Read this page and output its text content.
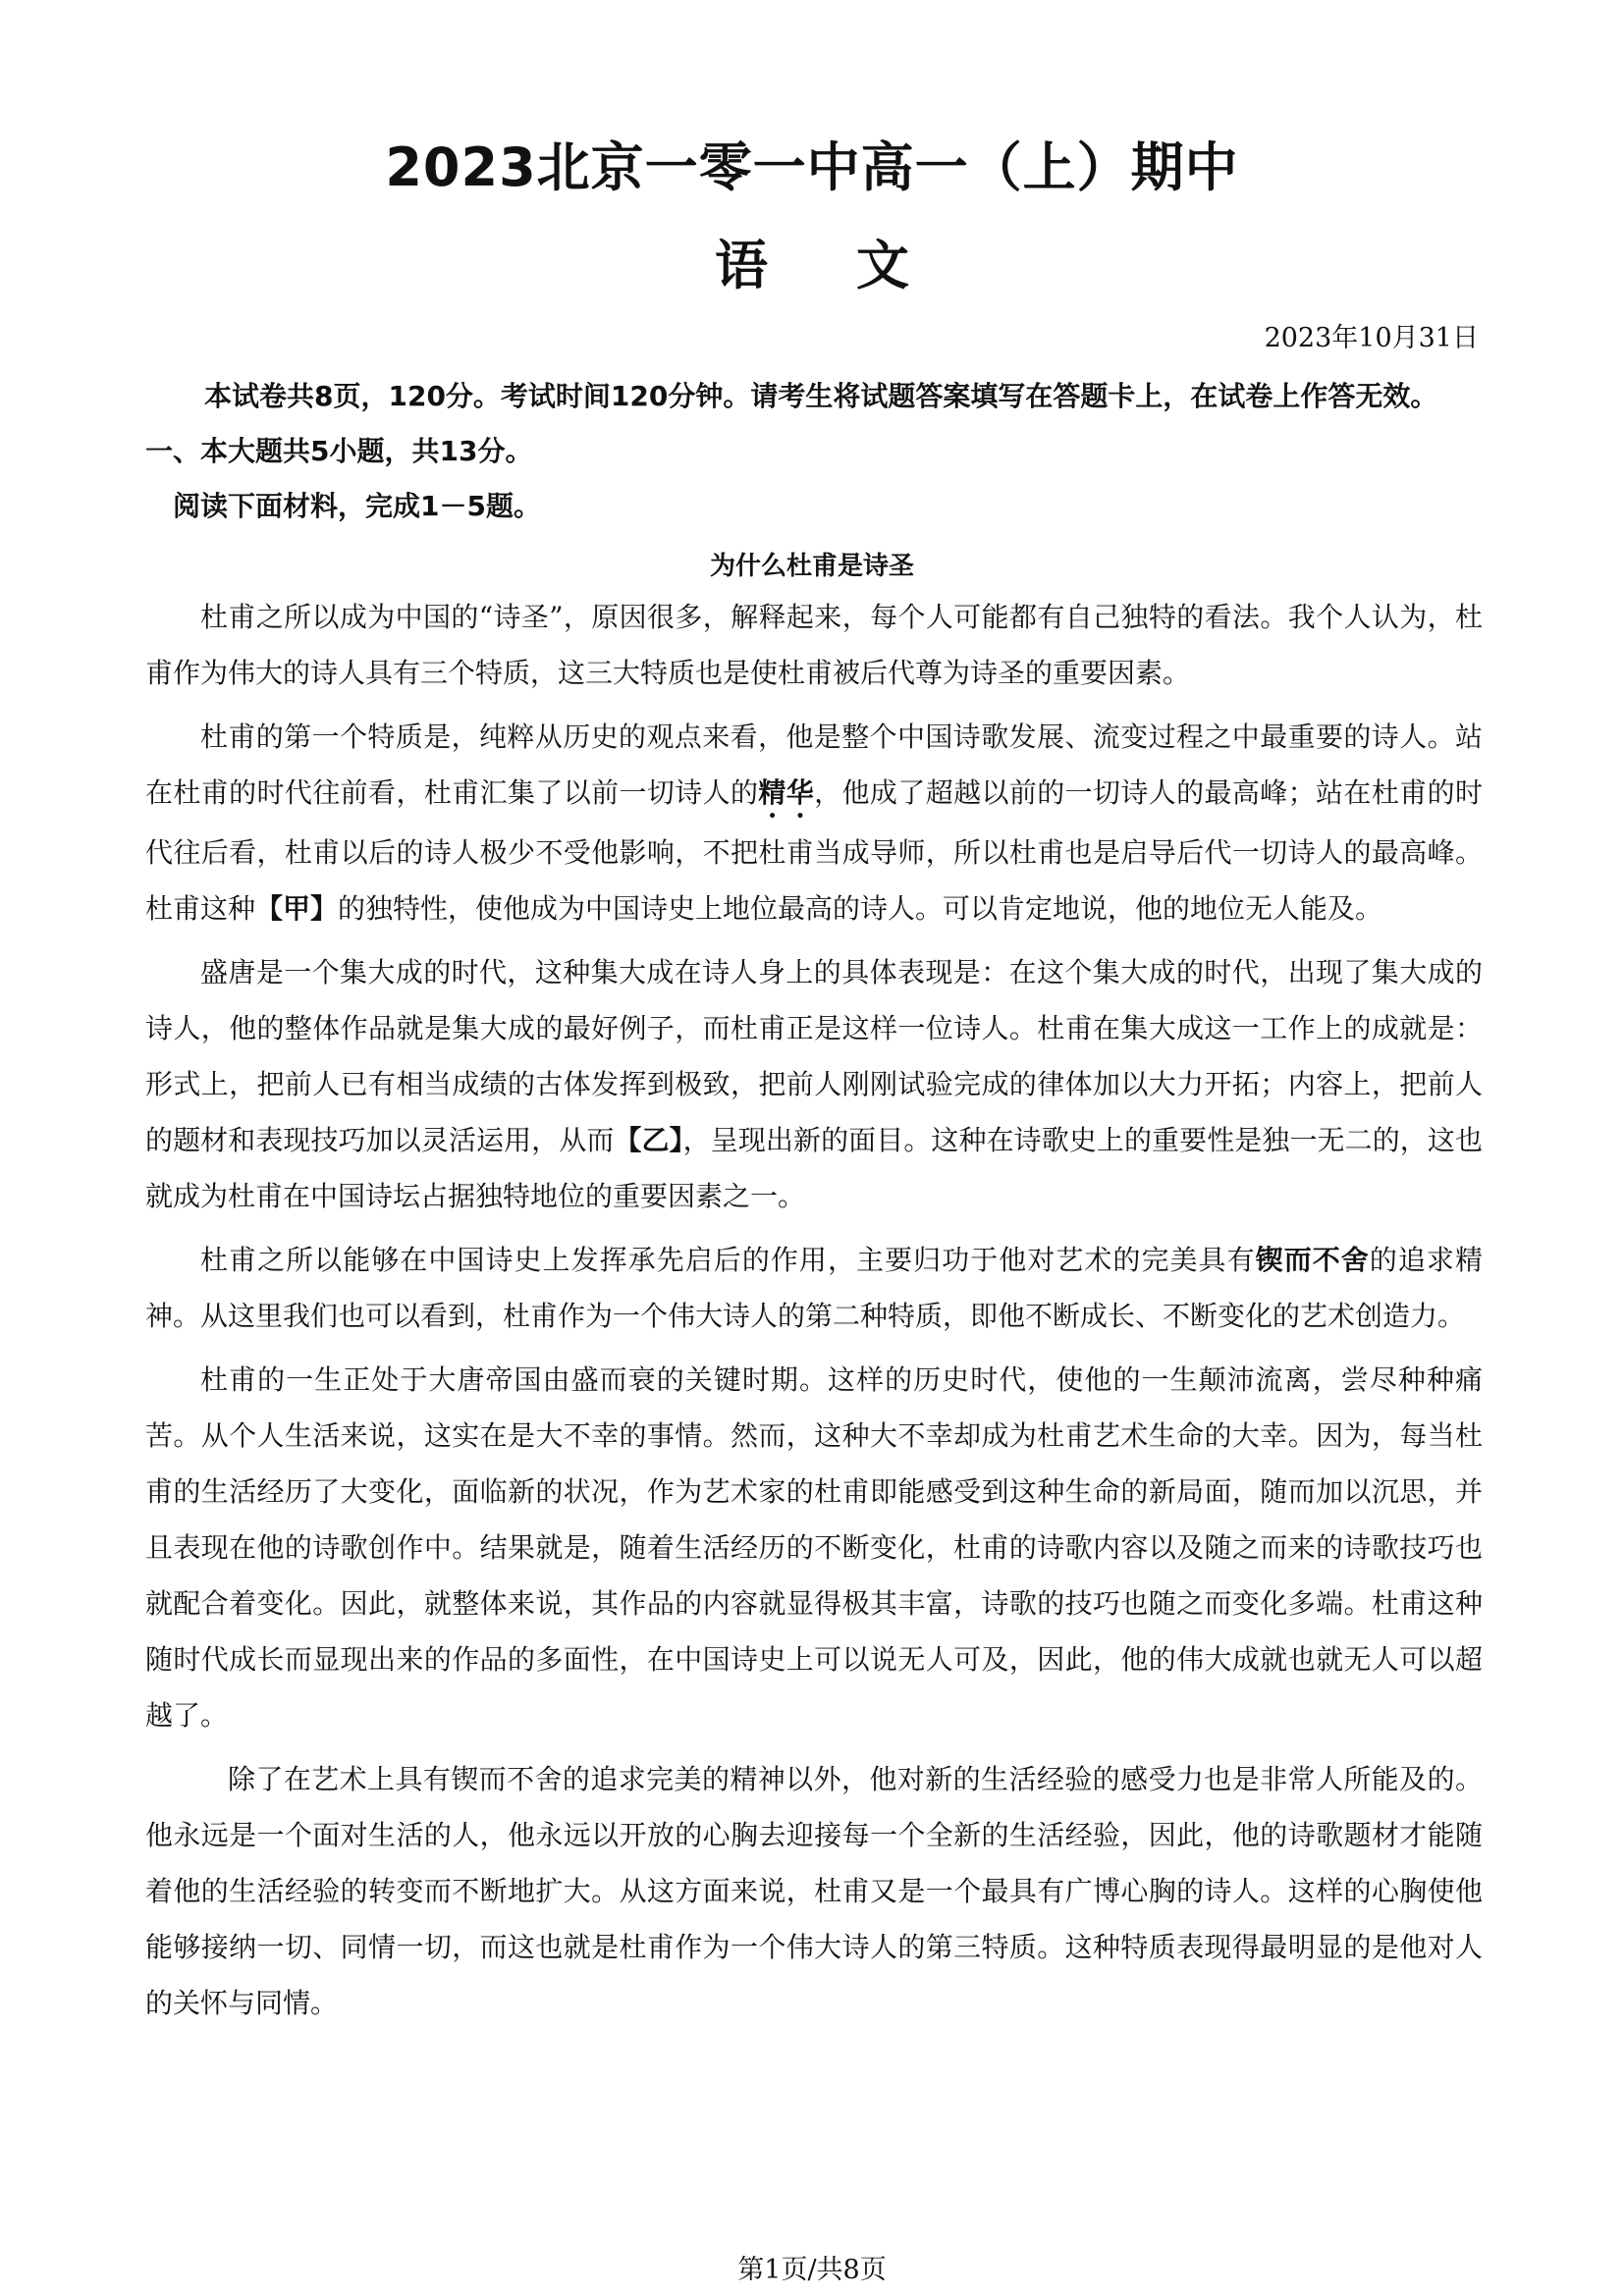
2023北京一零一中高一（上）期中
语文
2023年10月31日
本试卷共8页，120分。考试时间120分钟。请考生将试题答案填写在答题卡上，在试卷上作答无效。
一、本大题共5小题，共13分。
阅读下面材料，完成1－5题。
为什么杜甫是诗圣

杜甫之所以成为中国的“诗圣”，原因很多，解释起来，每个人可能都有自己独特的看法。我个人认为，杜甫作为伟大的诗人具有三个特质，这三大特质也是使杜甫被后代尊为诗圣的重要因素。

杜甫的第一个特质是，纯粹从历史的观点来看，他是整个中国诗歌发展、流变过程之中最重要的诗人。站在杜甫的时代往前看，杜甫汇集了以前一切诗人的精华，他成了超越以前的一切诗人的最高峰；站在杜甫的时代往后看，杜甫以后的诗人极少不受他影响，不把杜甫当成导师，所以杜甫也是启导后代一切诗人的最高峰。杜甫这种【甲】的独特性，使他成为中国诗史上地位最高的诗人。可以肯定地说，他的地位无人能及。

盛唐是一个集大成的时代，这种集大成在诗人身上的具体表现是：在这个集大成的时代，出现了集大成的诗人，他的整体作品就是集大成的最好例子，而杜甫正是这样一位诗人。杜甫在集大成这一工作上的成就是：形式上，把前人已有相当成绩的古体发挥到极致，把前人刚刚试验完成的律体加以大力开拓；内容上，把前人的题材和表现技巧加以灵活运用，从而【乙】，呈现出新的面目。这种在诗歌史上的重要性是独一无二的，这也就成为杜甫在中国诗坛占据独特地位的重要因素之一。

杜甫之所以能够在中国诗史上发挥承先启后的作用，主要归功于他对艺术的完美具有锲而不舍的追求精神。从这里我们也可以看到，杜甫作为一个伟大诗人的第二种特质，即他不断成长、不断变化的艺术创造力。

杜甫的一生正处于大唐帝国由盛而衰的关键时期。这样的历史时代，使他的一生颠沛流离，尝尽种种痛苦。从个人生活来说，这实在是大不幸的事情。然而，这种大不幸却成为杜甫艺术生命的大幸。因为，每当杜甫的生活经历了大变化，面临新的状况，作为艺术家的杜甫即能感受到这种生命的新局面，随而加以沉思，并且表现在他的诗歌创作中。结果就是，随着生活经历的不断变化，杜甫的诗歌内容以及随之而来的诗歌技巧也就配合着变化。因此，就整体来说，其作品的内容就显得极其丰富，诗歌的技巧也随之而变化多端。杜甫这种随时代成长而显现出来的作品的多面性，在中国诗史上可以说无人可及，因此，他的伟大成就也就无人可以超越了。

除了在艺术上具有锲而不舍的追求完美的精神以外，他对新的生活经验的感受力也是非常人所能及的。他永远是一个面对生活的人，他永远以开放的心胸去迎接每一个全新的生活经验，因此，他的诗歌题材才能随着他的生活经验的转变而不断地扩大。从这方面来说，杜甫又是一个最具有广博心胸的诗人。这样的心胸使他能够接纳一切、同情一切，而这也就是杜甫作为一个伟大诗人的第三特质。这种特质表现得最明显的是他对人的关怀与同情。

第1页/共8页
